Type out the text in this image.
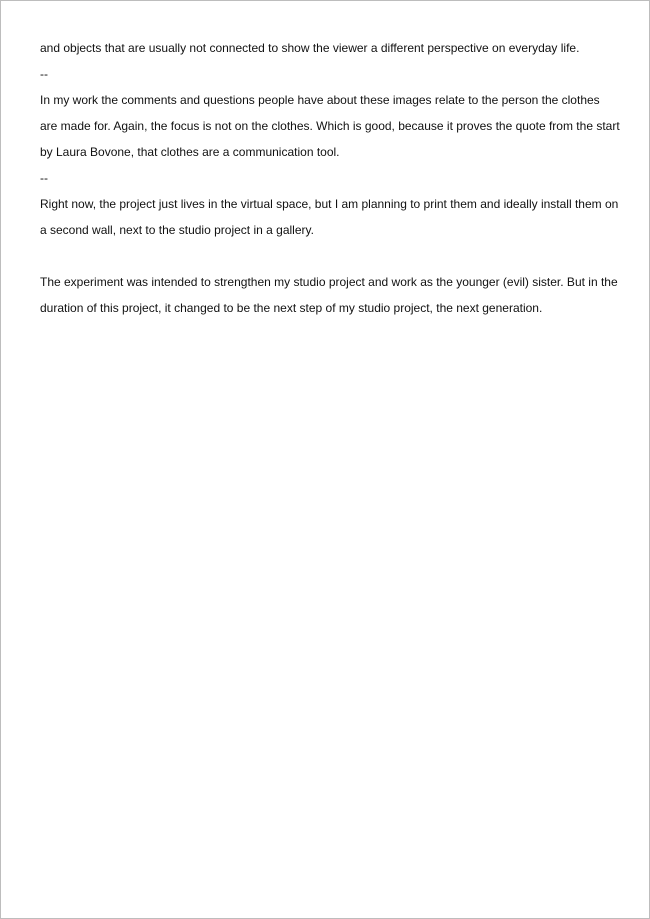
and objects that are usually not connected to show the viewer a different perspective on everyday life.

--

In my work the comments and questions people have about these images relate to the person the clothes are made for. Again, the focus is not on the clothes. Which is good, because it proves the quote from the start by Laura Bovone, that clothes are a communication tool.

--

Right now, the project just lives in the virtual space, but I am planning to print them and ideally install them on a second wall, next to the studio project in a gallery.

The experiment was intended to strengthen my studio project and work as the younger (evil) sister. But in the duration of this project, it changed to be the next step of my studio project, the next generation.
